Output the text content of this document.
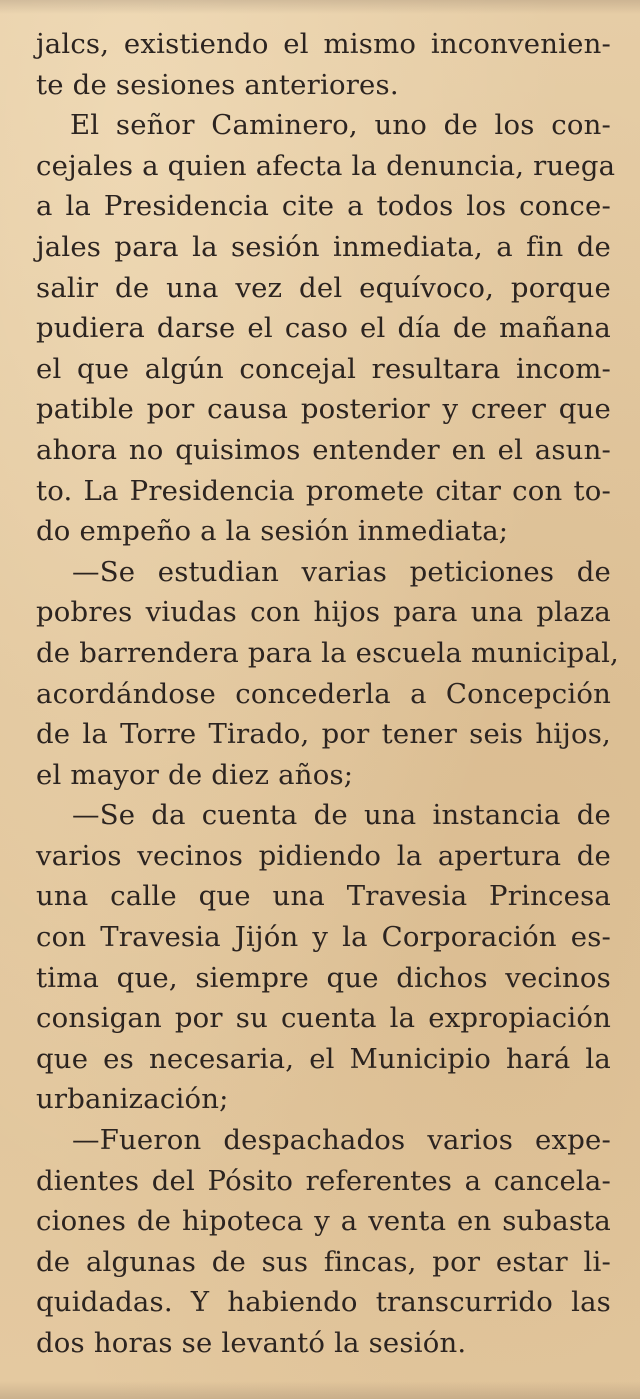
jalcs, existiendo el mismo inconvenien-
te de sesiones anteriores.
El señor Caminero, uno de los con-
cejales a quien afecta la denuncia, ruega
a la Presidencia cite a todos los conce-
jales para la sesión inmediata, a fin de
salir de una vez del equívoco, porque
pudiera darse el caso el día de mañana
el que algún concejal resultara incom-
patible por causa posterior y creer que
ahora no quisimos entender en el asun-
to. La Presidencia promete citar con to-
do empeño a la sesión inmediata;
—Se estudian varias peticiones de
pobres viudas con hijos para una plaza
de barrendera para la escuela municipal,
acordándose concederla a Concepción
de la Torre Tirado, por tener seis hijos,
el mayor de diez años;
—Se da cuenta de una instancia de
varios vecinos pidiendo la apertura de
una calle que una Travesia Princesa
con Travesia Jijón y la Corporación es-
tima que, siempre que dichos vecinos
consigan por su cuenta la expropiación
que es necesaria, el Municipio hará la
urbanización;
—Fueron despachados varios expe-
dientes del Pósito referentes a cancela-
ciones de hipoteca y a venta en subasta
de algunas de sus fincas, por estar li-
quidadas. Y habiendo transcurrido las
dos horas se levantó la sesión.
